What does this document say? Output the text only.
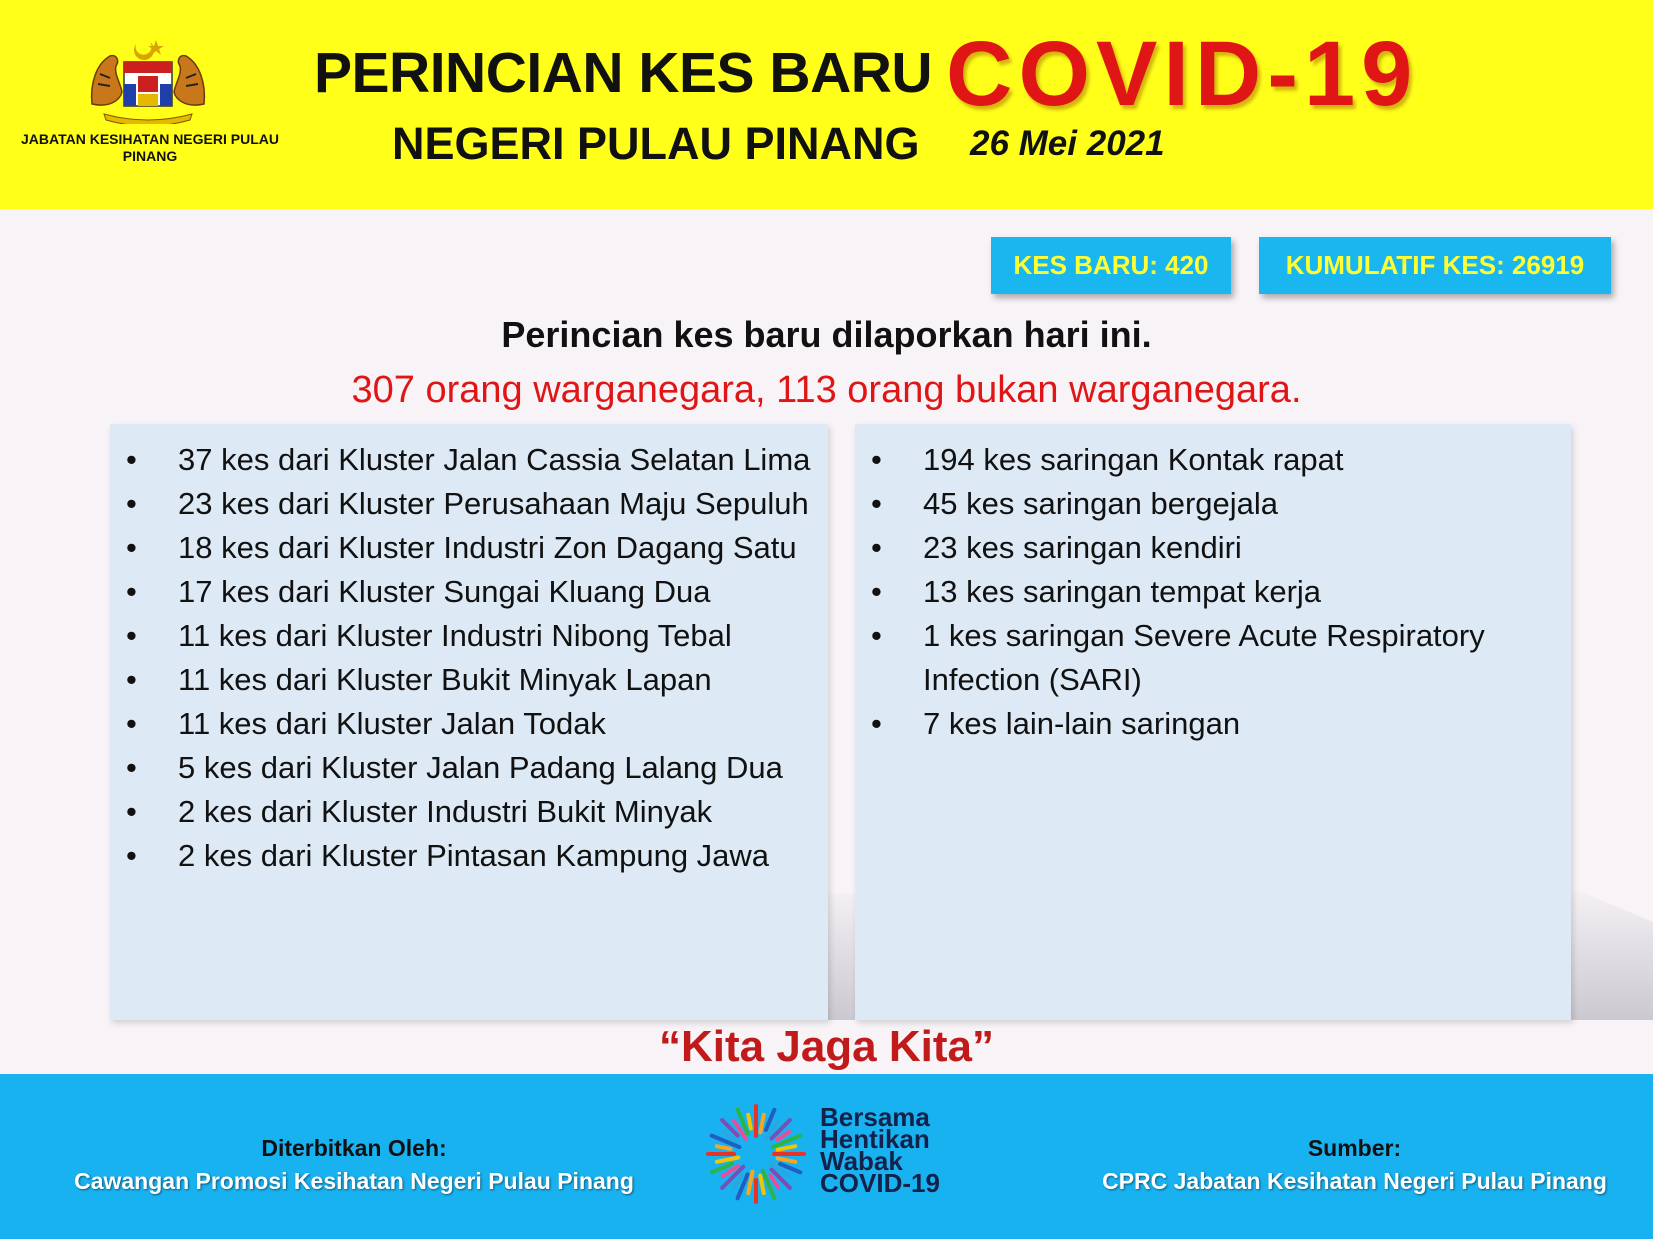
JABATAN KESIHATAN NEGERI PULAU PINANG
PERINCIAN KES BARU COVID-19
NEGERI PULAU PINANG 26 Mei 2021
KES BARU: 420	KUMULATIF KES: 26919
Perincian kes baru dilaporkan hari ini.
307 orang warganegara, 113 orang bukan warganegara.
• 37 kes dari Kluster Jalan Cassia Selatan Lima
• 23 kes dari Kluster Perusahaan Maju Sepuluh
• 18 kes dari Kluster Industri Zon Dagang Satu
• 17 kes dari Kluster Sungai Kluang Dua
• 11 kes dari Kluster Industri Nibong Tebal
• 11 kes dari Kluster Bukit Minyak Lapan
• 11 kes dari Kluster Jalan Todak
• 5 kes dari Kluster Jalan Padang Lalang Dua
• 2 kes dari Kluster Industri Bukit Minyak
• 2 kes dari Kluster Pintasan Kampung Jawa
• 194 kes saringan Kontak rapat
• 45 kes saringan bergejala
• 23 kes saringan kendiri
• 13 kes saringan tempat kerja
• 1 kes saringan Severe Acute Respiratory Infection (SARI)
• 7 kes lain-lain saringan
“Kita Jaga Kita”
Diterbitkan Oleh:
Cawangan Promosi Kesihatan Negeri Pulau Pinang
Bersama
Hentikan
Wabak
COVID-19
Sumber:
CPRC Jabatan Kesihatan Negeri Pulau Pinang
